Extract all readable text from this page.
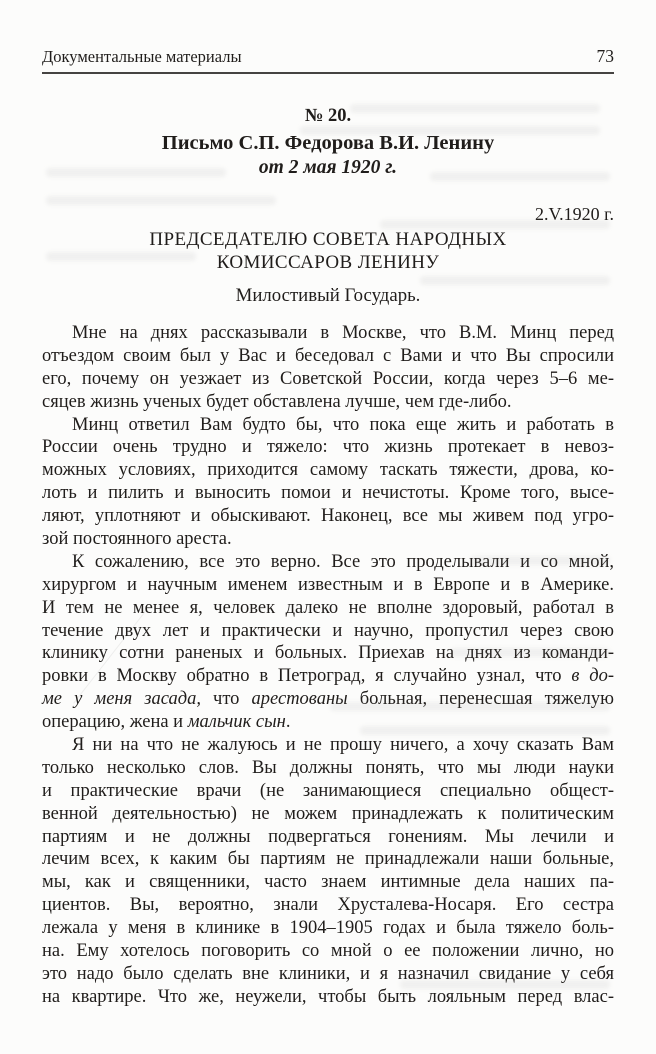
Документальные материалы	73
№ 20.
Письмо С.П. Федорова В.И. Ленину
от 2 мая 1920 г.
2.V.1920 г.
ПРЕДСЕДАТЕЛЮ СОВЕТА НАРОДНЫХ
КОМИССАРОВ ЛЕНИНУ
Милостивый Государь.
Мне на днях рассказывали в Москве, что В.М. Минц перед
отъездом своим был у Вас и беседовал с Вами и что Вы спросили
его, почему он уезжает из Советской России, когда через 5–6 ме-
сяцев жизнь ученых будет обставлена лучше, чем где-либо.
Минц ответил Вам будто бы, что пока еще жить и работать в
России очень трудно и тяжело: что жизнь протекает в невоз-
можных условиях, приходится самому таскать тяжести, дрова, ко-
лоть и пилить и выносить помои и нечистоты. Кроме того, высе-
ляют, уплотняют и обыскивают. Наконец, все мы живем под угро-
зой постоянного ареста.
К сожалению, все это верно. Все это проделывали и со мной,
хирургом и научным именем известным и в Европе и в Америке.
И тем не менее я, человек далеко не вполне здоровый, работал в
течение двух лет и практически и научно, пропустил через свою
клинику сотни раненых и больных. Приехав на днях из команди-
ровки в Москву обратно в Петроград, я случайно узнал, что в до-
ме у меня засада, что арестованы больная, перенесшая тяжелую
операцию, жена и мальчик сын.
Я ни на что не жалуюсь и не прошу ничего, а хочу сказать Вам
только несколько слов. Вы должны понять, что мы люди науки
и практические врачи (не занимающиеся специально общест-
венной деятельностью) не можем принадлежать к политическим
партиям и не должны подвергаться гонениям. Мы лечили и
лечим всех, к каким бы партиям не принадлежали наши больные,
мы, как и священники, часто знаем интимные дела наших па-
циентов. Вы, вероятно, знали Хрусталева-Носаря. Его сестра
лежала у меня в клинике в 1904–1905 годах и была тяжело боль-
на. Ему хотелось поговорить со мной о ее положении лично, но
это надо было сделать вне клиники, и я назначил свидание у себя
на квартире. Что же, неужели, чтобы быть лояльным перед влас-
